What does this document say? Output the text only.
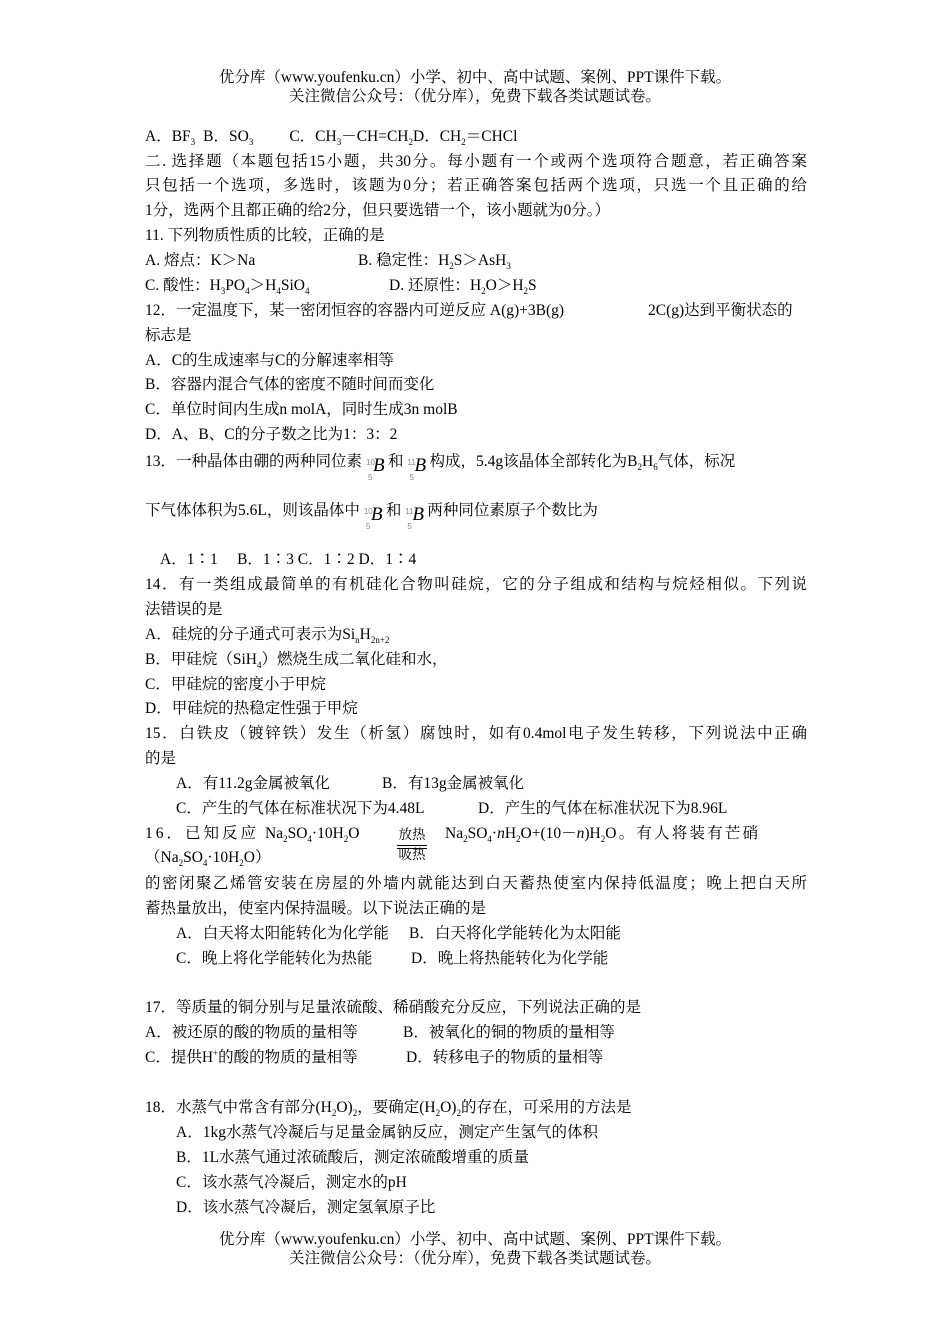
优分库（www.youfenku.cn）小学、初中、高中试题、案例、PPT课件下载。
关注微信公众号：（优分库），免费下载各类试题试卷。
A．$BF_3$ B．$SO_3$ C．$CH_3-CH=CH_2D$．$CH_2=CHCl$
二. 选择题（本题包括15小题，共30分。每小题有一个或两个选项符合题意，若正确答案
只包括一个选项，多选时，该题为0分；若正确答案包括两个选项，只选一个且正确的给
1分，选两个且都正确的给2分，但只要选错一个，该小题就为0分。）
11. 下列物质性质的比较，正确的是
A. 熔点：K＞Na	B. 稳定性：$H_2S>AsH_3$
C. 酸性：$H_3PO_4>H_4SiO_4$	D. 还原性：$H_2O>H_2S$
12．一定温度下，某一密闭恒容的容器内可逆反应 A(g)+3B(g)	2C(g)达到平衡状态的
标志是
A．C的生成速率与C的分解速率相等
B．容器内混合气体的密度不随时间而变化
C．单位时间内生成n molA，同时生成3n molB
D．A、B、C的分子数之比为1：3：2
13．一种晶体由硼的两种同位素 10
5
B 和 11
5
B 构成，5.4g该晶体全部转化为$B_2H_6$气体，标况
下气体体积为5.6L，则该晶体中 10
5
B 和 11
5
B 两种同位素原子个数比为
A．1∶1　 B．1∶3 C．1∶2 D．1∶4
14．有一类组成最简单的有机硅化合物叫硅烷，它的分子组成和结构与烷烃相似。下列说
法错误的是
A．硅烷的分子通式可表示为$Si_nH_{2n+2}$
B．甲硅烷（SiH$_4$）燃烧生成二氧化硅和水，
C．甲硅烷的密度小于甲烷
D．甲硅烷的热稳定性强于甲烷
15．白铁皮（镀锌铁）发生（析氢）腐蚀时，如有0.4mol电子发生转移，下列说法中正确
的是
A．有11.2g金属被氧化	B．有13g金属被氧化
C．产生的气体在标准状况下为4.48L	D．产生的气体在标准状况下为8.96L
16．已知反应 $Na_2SO_4\cdot 10H_2O$	$Na_2SO_4\cdot nH_2O+(10-n)H_2O$。有人将装有芒硝
放热
吸热
$(Na_2SO_4\cdot 10H_2O)$
的密闭聚乙烯管安装在房屋的外墙内就能达到白天蓄热使室内保持低温度；晚上把白天所
蓄热量放出，使室内保持温暖。以下说法正确的是
A．白天将太阳能转化为化学能 B．白天将化学能转化为太阳能
C．晚上将化学能转化为热能 D．晚上将热能转化为化学能
17．等质量的铜分别与足量浓硫酸、稀硝酸充分反应，下列说法正确的是
A．被还原的酸的物质的量相等	B．被氧化的铜的物质的量相等
C．提供H+的酸的物质的量相等	D．转移电子的物质的量相等
18．水蒸气中常含有部分$(H_2O)_2$，要确定$(H_2O)_2$的存在，可采用的方法是
A．1kg水蒸气冷凝后与足量金属钠反应，测定产生氢气的体积
B．1L水蒸气通过浓硫酸后，测定浓硫酸增重的质量
C．该水蒸气冷凝后，测定水的pH
D．该水蒸气冷凝后，测定氢氧原子比
优分库（www.youfenku.cn）小学、初中、高中试题、案例、PPT课件下载。
关注微信公众号：（优分库），免费下载各类试题试卷。
